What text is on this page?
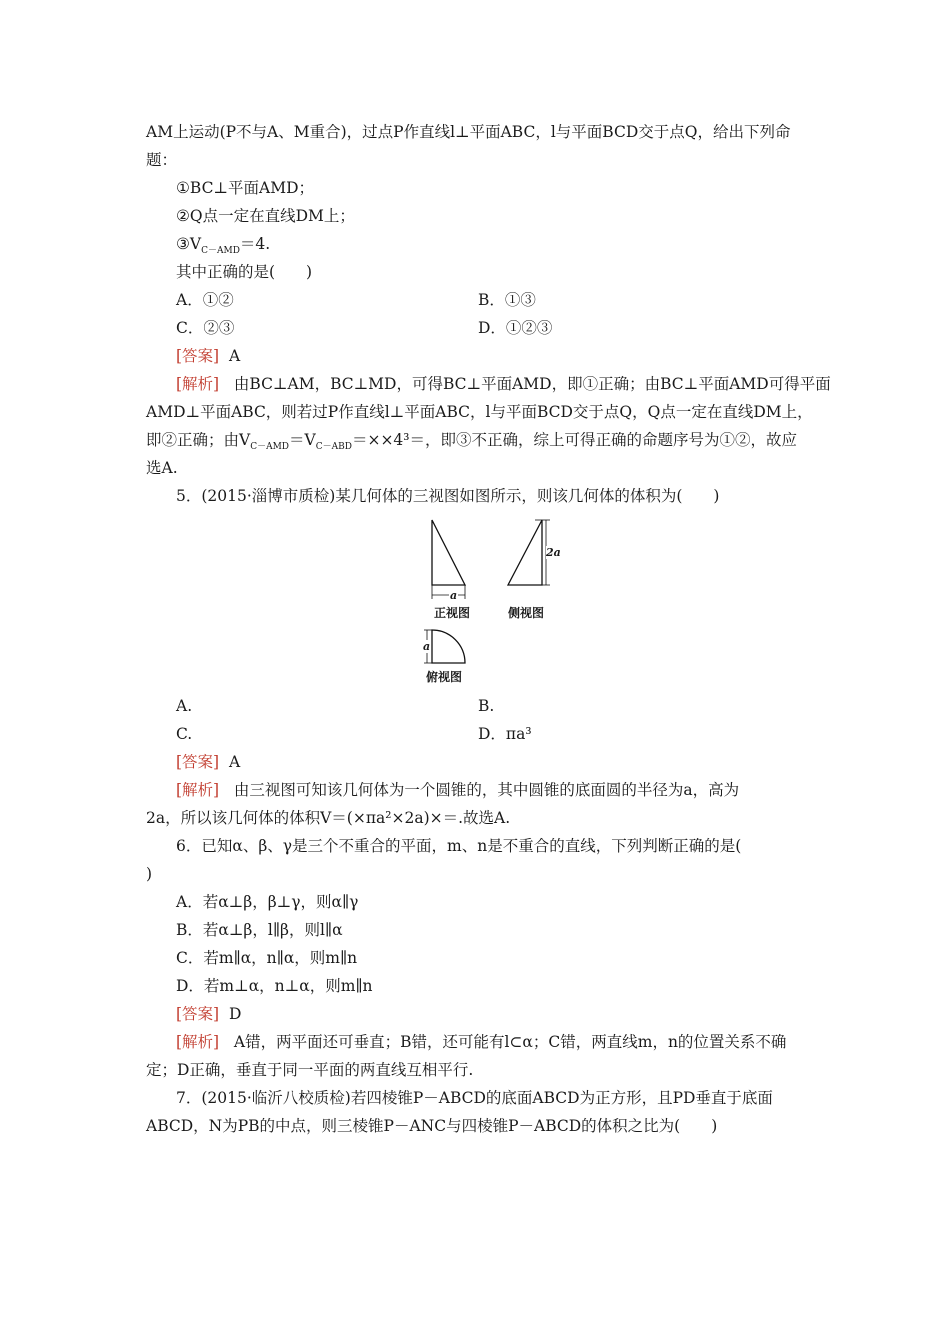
AM上运动(P不与A、M重合)，过点P作直线l⊥平面ABC，l与平面BCD交于点Q，给出下列命
题：
①BC⊥平面AMD；
②Q点一定在直线DM上；
$③V_{C-AMD}=4$.
其中正确的是(　　)
A．①②	B．①③
C．②③	D．①②③
[答案] A
[解析] 由BC⊥AM，BC⊥MD，可得BC⊥平面AMD，即①正确；由BC⊥平面AMD可得平面
AMD⊥平面ABC，则若过P作直线l⊥平面ABC，l与平面BCD交于点Q，Q点一定在直线DM上，
即②正确；由$V_{C-AMD}=V_{C-ABD}=\times\times 4^3=$，即③不正确，综上可得正确的命题序号为①②，故应
选A.
5．(2015·淄博市质检)某几何体的三视图如图所示，则该几何体的体积为(　　)
a
2a
a
正视图	侧视图
俯视图
A.	B.
C.	D．πa³
[答案] A
[解析] 由三视图可知该几何体为一个圆锥的，其中圆锥的底面圆的半径为a，高为
2a，所以该几何体的体积V＝(×πa²×2a)×＝.故选A.
6．已知α、β、γ是三个不重合的平面，m、n是不重合的直线，下列判断正确的是(
)
A．若α⊥β，β⊥γ，则α∥γ
B．若α⊥β，l∥β，则l∥α
C．若m∥α，n∥α，则m∥n
D．若m⊥α，n⊥α，则m∥n
[答案] D
[解析] A错，两平面还可垂直；B错，还可能有l⊂α；C错，两直线m，n的位置关系不确
定；D正确，垂直于同一平面的两直线互相平行.
7．(2015·临沂八校质检)若四棱锥P－ABCD的底面ABCD为正方形，且PD垂直于底面
ABCD，N为PB的中点，则三棱锥P－ANC与四棱锥P－ABCD的体积之比为(　　)
